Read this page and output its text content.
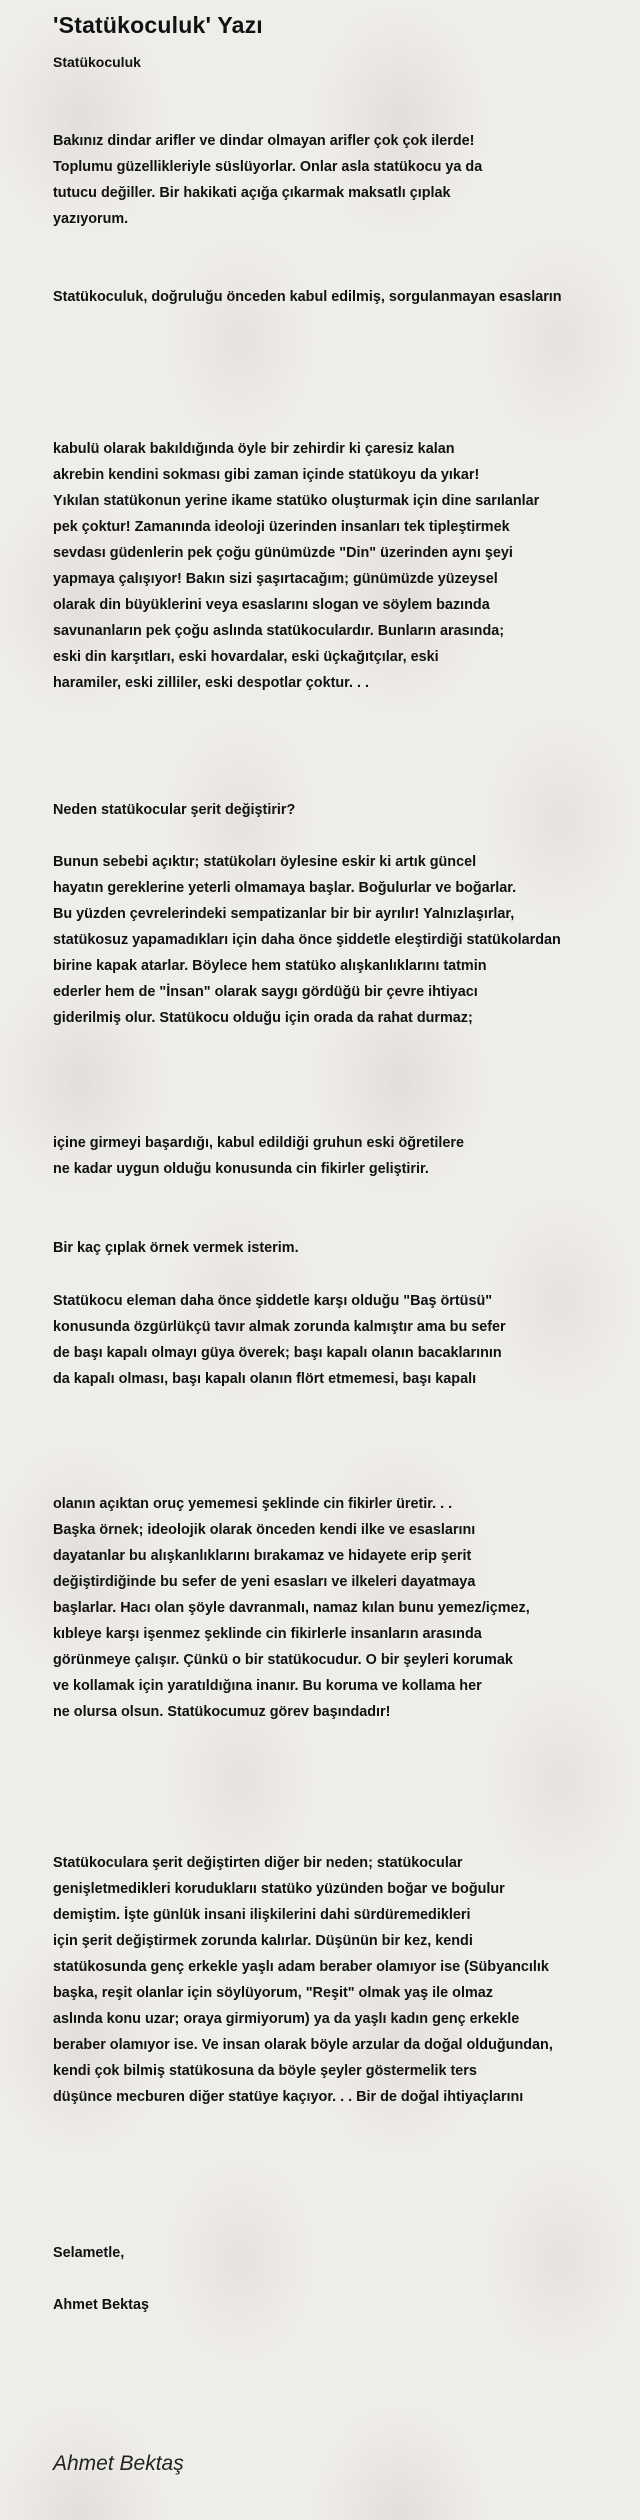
'Statükoculuk' Yazı
Statükoculuk
Bakınız dindar arifler ve dindar olmayan arifler çok çok ilerde!
Toplumu güzellikleriyle süslüyorlar. Onlar asla statükocu ya da
tutucu değiller. Bir hakikati açığa çıkarmak maksatlı çıplak
yazıyorum.
Statükoculuk, doğruluğu önceden kabul edilmiş, sorgulanmayan esasların
kabulü olarak bakıldığında öyle bir zehirdir ki çaresiz kalan
akrebin kendini sokması gibi zaman içinde statükoyu da yıkar!
Yıkılan statükonun yerine ikame statüko oluşturmak için dine sarılanlar
pek çoktur! Zamanında ideoloji üzerinden insanları tek tipleştirmek
sevdası güdenlerin pek çoğu günümüzde "Din" üzerinden aynı şeyi
yapmaya çalışıyor! Bakın sizi şaşırtacağım; günümüzde yüzeysel
olarak din büyüklerini veya esaslarını slogan ve söylem bazında
savunanların pek çoğu aslında statükoculardır. Bunların arasında;
eski din karşıtları, eski hovardalar, eski üçkağıtçılar, eski
haramiler, eski zilliler, eski despotlar çoktur. . .
Neden statükocular şerit değiştirir?
Bunun sebebi açıktır; statükoları öylesine eskir ki artık güncel
hayatın gereklerine yeterli olmamaya başlar. Boğulurlar ve boğarlar.
Bu yüzden çevrelerindeki sempatizanlar bir bir ayrılır! Yalnızlaşırlar,
statükosuz yapamadıkları için daha önce şiddetle eleştirdiği statükolardan
birine kapak atarlar. Böylece hem statüko alışkanlıklarını tatmin
ederler hem de "İnsan" olarak saygı gördüğü bir çevre ihtiyacı
giderilmiş olur. Statükocu olduğu için orada da rahat durmaz;
içine girmeyi başardığı, kabul edildiği gruhun eski öğretilere
ne kadar uygun olduğu konusunda cin fikirler geliştirir.
Bir kaç çıplak örnek vermek isterim.
Statükocu eleman daha önce şiddetle karşı olduğu "Baş örtüsü"
konusunda özgürlükçü tavır almak zorunda kalmıştır ama bu sefer
de başı kapalı olmayı güya överek; başı kapalı olanın bacaklarının
da kapalı olması, başı kapalı olanın flört etmemesi, başı kapalı
olanın açıktan oruç yememesi şeklinde cin fikirler üretir. . .
Başka örnek; ideolojik olarak önceden kendi ilke ve esaslarını
dayatanlar bu alışkanlıklarını bırakamaz ve hidayete erip şerit
değiştirdiğinde bu sefer de yeni esasları ve ilkeleri dayatmaya
başlarlar. Hacı olan şöyle davranmalı, namaz kılan bunu yemez/içmez,
kıbleye karşı işenmez şeklinde cin fikirlerle insanların arasında
görünmeye çalışır. Çünkü o bir statükocudur. O bir şeyleri korumak
ve kollamak için yaratıldığına inanır. Bu koruma ve kollama her
ne olursa olsun. Statükocumuz görev başındadır!
Statükoculara şerit değiştirten diğer bir neden; statükocular
genişletmedikleri koruduklarıı statüko yüzünden boğar ve boğulur
demiştim. İşte günlük insani ilişkilerini dahi sürdüremedikleri
için şerit değiştirmek zorunda kalırlar. Düşünün bir kez, kendi
statükosunda genç erkekle yaşlı adam beraber olamıyor ise (Sübyancılık
başka, reşit olanlar için söylüyorum, "Reşit" olmak yaş ile olmaz
aslında konu uzar; oraya girmiyorum) ya da yaşlı kadın genç erkekle
beraber olamıyor ise. Ve insan olarak böyle arzular da doğal olduğundan,
kendi çok bilmiş statükosuna da böyle şeyler göstermelik ters
düşünce mecburen diğer statüye kaçıyor. . . Bir de doğal ihtiyaçlarını
Selametle,
Ahmet Bektaş
Ahmet Bektaş
